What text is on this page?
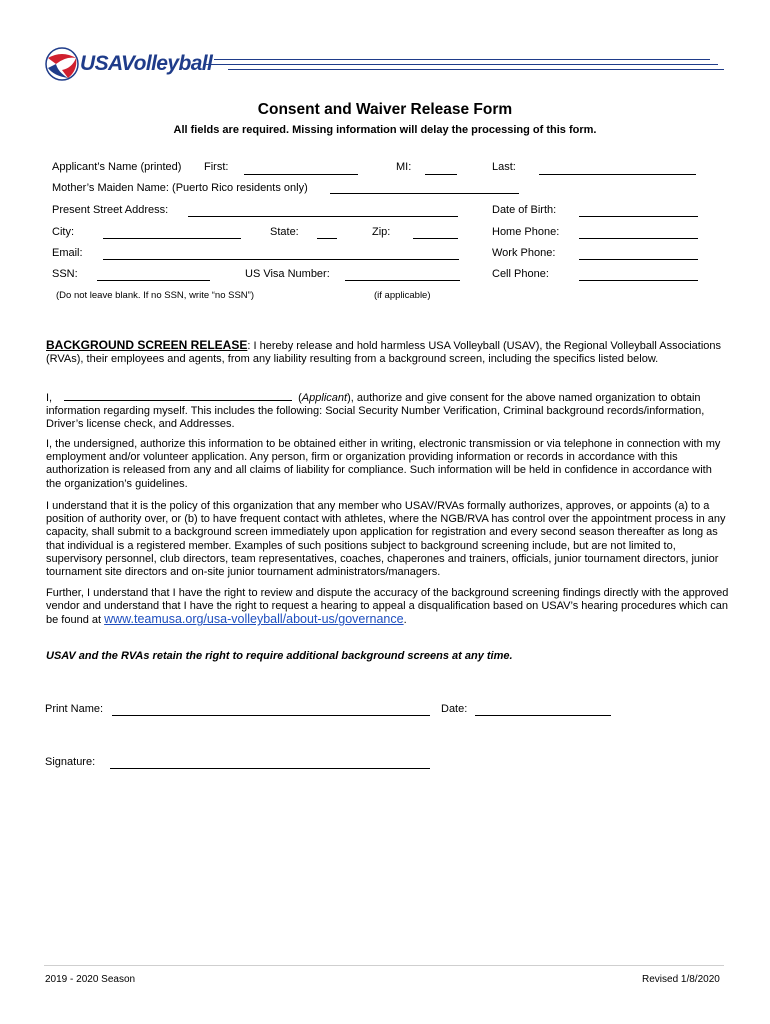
USAVolleyball
Consent and Waiver Release Form
All fields are required. Missing information will delay the processing of this form.
Applicant’s Name (printed) First:	MI:	Last:
Mother’s Maiden Name: (Puerto Rico residents only)
Present Street Address:	Date of Birth:
City:	State:	Zip:	Home Phone:
Email:	Work Phone:
SSN:	US Visa Number:	Cell Phone:
(Do not leave blank. If no SSN, write “no SSN”)	(if applicable)
BACKGROUND SCREEN RELEASE: I hereby release and hold harmless USA Volleyball (USAV), the Regional Volleyball Associations (RVAs), their employees and agents, from any liability resulting from a background screen, including the specifics listed below.
I,	(Applicant), authorize and give consent for the above named organization to obtain information regarding myself. This includes the following: Social Security Number Verification, Criminal background records/information, Driver’s license check, and Addresses.
I, the undersigned, authorize this information to be obtained either in writing, electronic transmission or via telephone in connection with my employment and/or volunteer application. Any person, firm or organization providing information or records in accordance with this authorization is released from any and all claims of liability for compliance. Such information will be held in confidence in accordance with the organization’s guidelines.
I understand that it is the policy of this organization that any member who USAV/RVAs formally authorizes, approves, or appoints (a) to a position of authority over, or (b) to have frequent contact with athletes, where the NGB/RVA has control over the appointment process in any capacity, shall submit to a background screen immediately upon application for registration and every second season thereafter as long as that individual is a registered member. Examples of such positions subject to background screening include, but are not limited to, supervisory personnel, club directors, team representatives, coaches, chaperones and trainers, officials, junior tournament directors, junior tournament site directors and on-site junior tournament administrators/managers.
Further, I understand that I have the right to review and dispute the accuracy of the background screening findings directly with the approved vendor and understand that I have the right to request a hearing to appeal a disqualification based on USAV’s hearing procedures which can be found at www.teamusa.org/usa-volleyball/about-us/governance.
USAV and the RVAs retain the right to require additional background screens at any time.
Print Name:	Date:
Signature:
2019 - 2020 Season	Revised 1/8/2020
